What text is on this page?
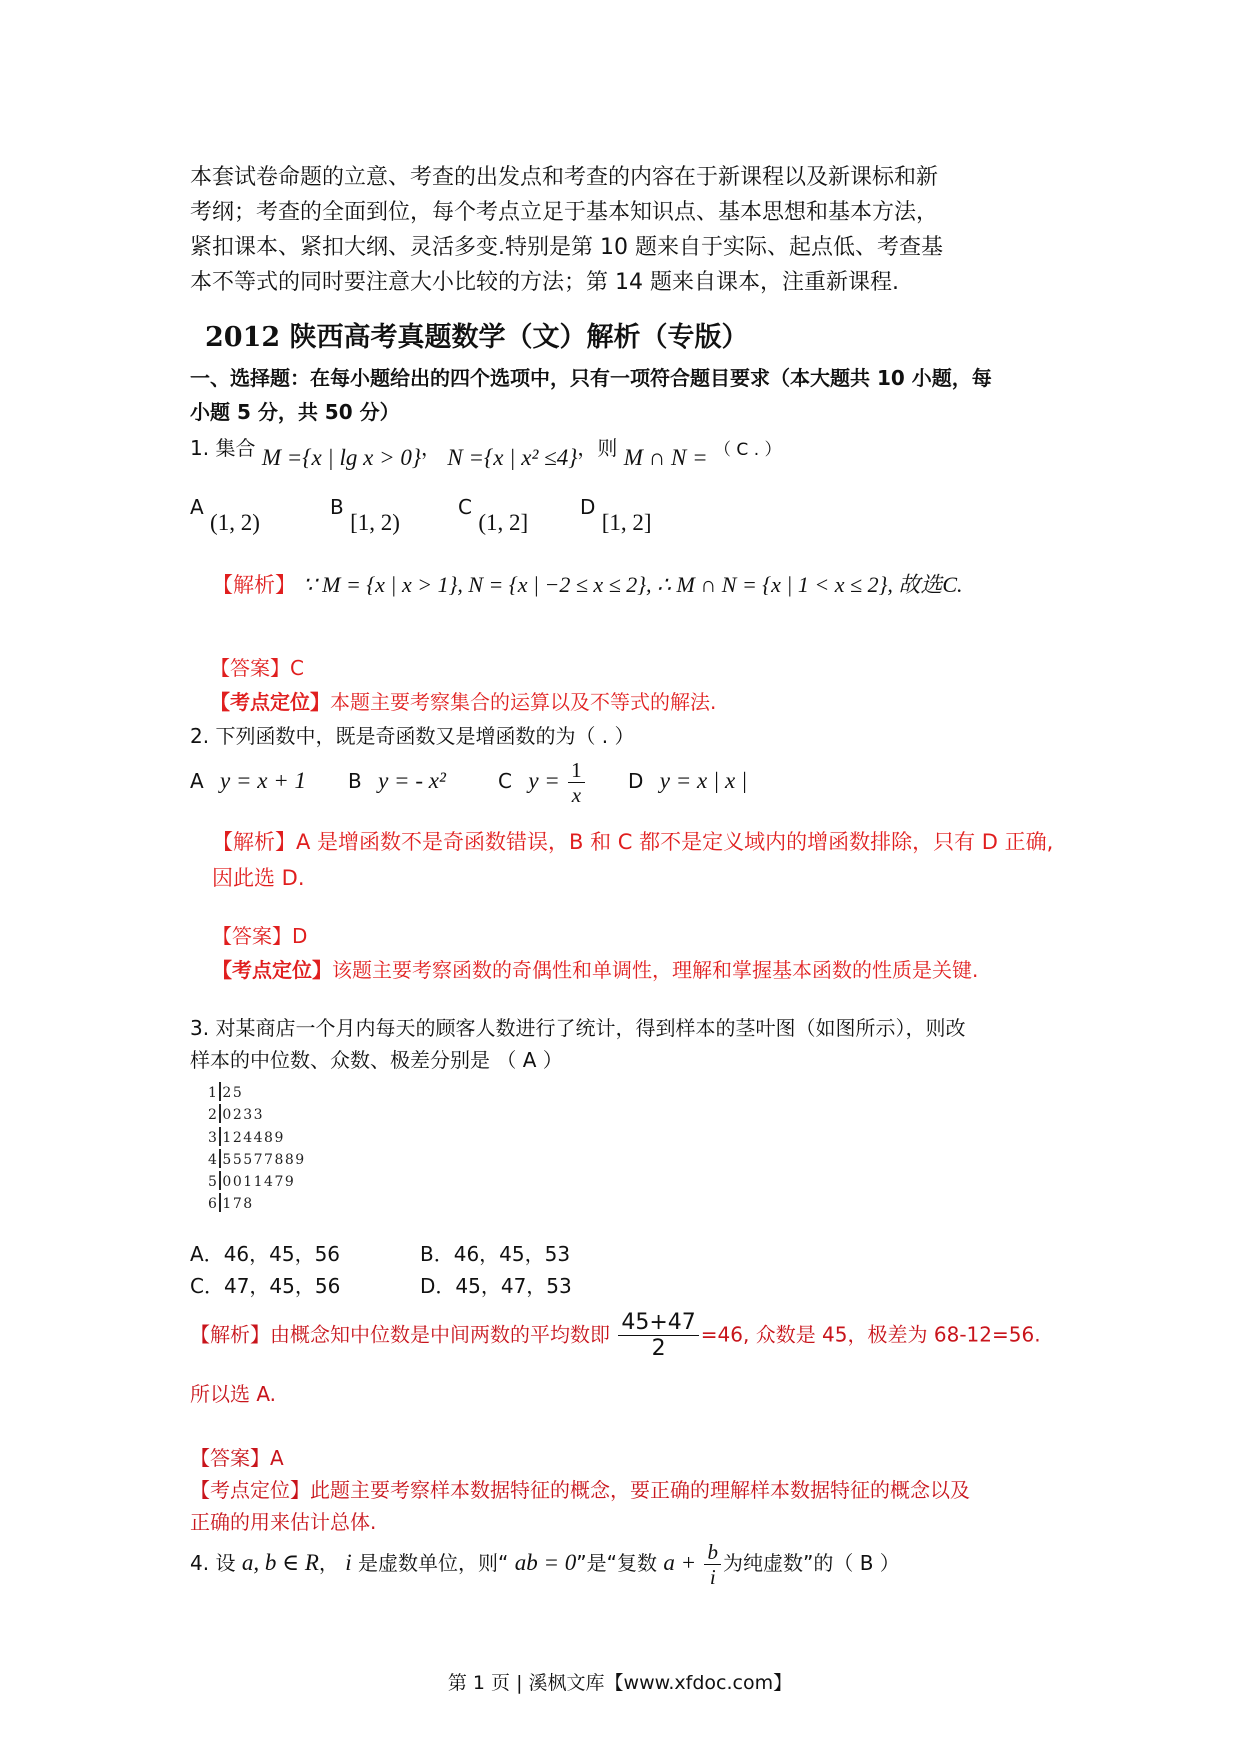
本套试卷命题的立意、考查的出发点和考查的内容在于新课程以及新课标和新
考纲；考查的全面到位，每个考点立足于基本知识点、基本思想和基本方法，
紧扣课本、紧扣大纲、灵活多变.特别是第 10 题来自于实际、起点低、考查基
本不等式的同时要注意大小比较的方法；第 14 题来自课本，注重新课程.
2012 陕西高考真题数学（文）解析（专版）
一、选择题：在每小题给出的四个选项中，只有一项符合题目要求（本大题共 10 小题，每
小题 5 分，共 50 分）
1. 集合 M ={x | lg x > 0}， N ={x | x² ≤4}，则 M ∩ N = （ C . ）
A (1, 2)
B [1, 2)
C (1, 2]
D [1, 2]
【解析】 ∵ M = {x | x > 1}, N = {x | −2 ≤ x ≤ 2}, ∴ M ∩ N = {x | 1 < x ≤ 2}, 故选C.
【答案】C
【考点定位】本题主要考察集合的运算以及不等式的解法.
2. 下列函数中，既是奇函数又是增函数的为（ . ）
A y = x + 1 B y = - x²	C $y = \frac{1}{x}$ D y = x | x |
【解析】A 是增函数不是奇函数错误，B 和 C 都不是定义域内的增函数排除，只有 D 正确,
因此选 D.
【答案】D
【考点定位】该题主要考察函数的奇偶性和单调性，理解和掌握基本函数的性质是关键.
3. 对某商店一个月内每天的顾客人数进行了统计，得到样本的茎叶图（如图所示），则改
样本的中位数、众数、极差分别是 （ A ）
1 25
2 0233
3 124489
4 55577889
5 0011479
6 178
A．46，45，56	B．46，45，53
C．47，45，56	D．45，47，53
【解析】由概念知中位数是中间两数的平均数即 $\frac{45+47}{2} =46$, 众数是 45，极差为 68-12=56.
所以选 A.
【答案】A
【考点定位】此题主要考察样本数据特征的概念，要正确的理解样本数据特征的概念以及
正确的用来估计总体.
4. 设 a, b ∈ R， i 是虚数单位，则“ ab = 0”是“复数 $a + \frac{b}{i}$ 为纯虚数”的（ B ）
第 1 页 | 溪枫文库【www.xfdoc.com】
